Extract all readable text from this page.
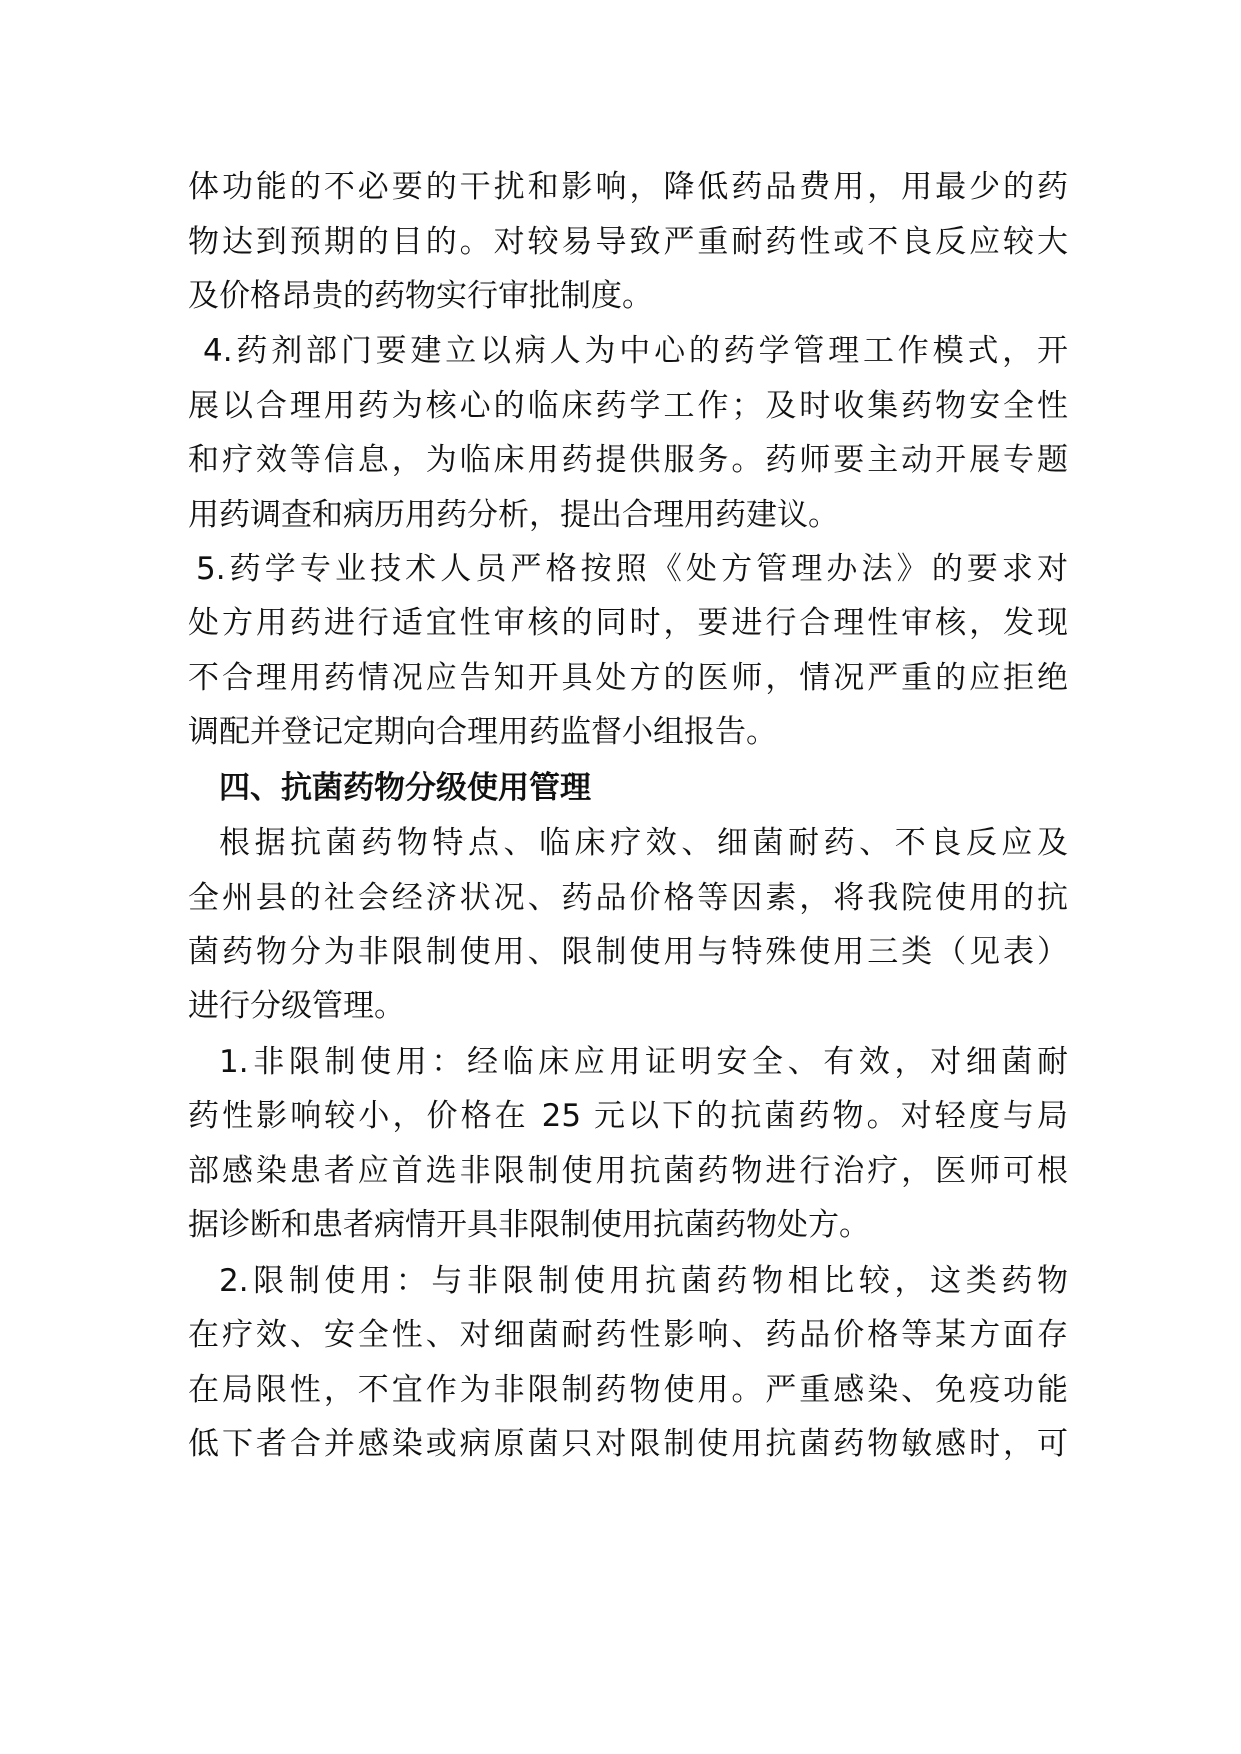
体功能的不必要的干扰和影响，降低药品费用，用最少的药
物达到预期的目的。对较易导致严重耐药性或不良反应较大
及价格昂贵的药物实行审批制度。
4.药剂部门要建立以病人为中心的药学管理工作模式，开
展以合理用药为核心的临床药学工作；及时收集药物安全性
和疗效等信息，为临床用药提供服务。药师要主动开展专题
用药调查和病历用药分析，提出合理用药建议。
5.药学专业技术人员严格按照《处方管理办法》的要求对
处方用药进行适宜性审核的同时，要进行合理性审核，发现
不合理用药情况应告知开具处方的医师，情况严重的应拒绝
调配并登记定期向合理用药监督小组报告。
四、抗菌药物分级使用管理
根据抗菌药物特点、临床疗效、细菌耐药、不良反应及
全州县的社会经济状况、药品价格等因素，将我院使用的抗
菌药物分为非限制使用、限制使用与特殊使用三类（见表）
进行分级管理。
1.非限制使用：经临床应用证明安全、有效，对细菌耐
药性影响较小，价格在 25 元以下的抗菌药物。对轻度与局
部感染患者应首选非限制使用抗菌药物进行治疗，医师可根
据诊断和患者病情开具非限制使用抗菌药物处方。
2.限制使用：与非限制使用抗菌药物相比较，这类药物
在疗效、安全性、对细菌耐药性影响、药品价格等某方面存
在局限性，不宜作为非限制药物使用。严重感染、免疫功能
低下者合并感染或病原菌只对限制使用抗菌药物敏感时，可
